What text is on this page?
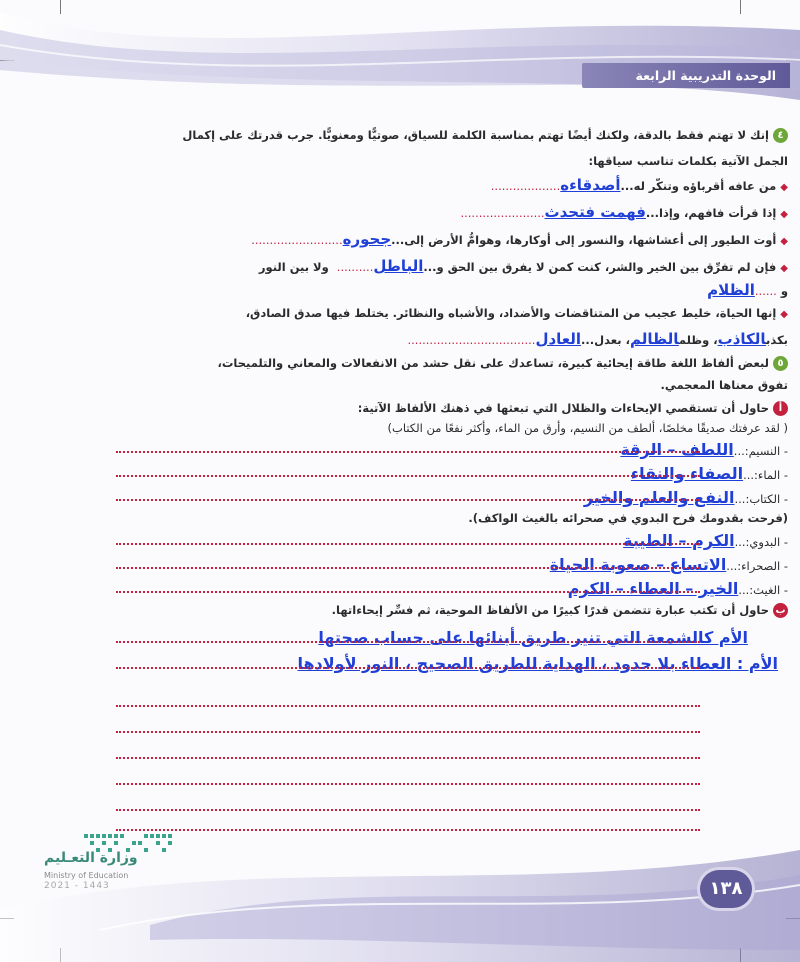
الوحدة التدريبية الرابعة
٤إنك لا تهتم فقط بالدقة، ولكنك أيضًا تهتم بمناسبة الكلمة للسياق، صوتيًّا ومعنويًّا. جرب قدرتك على إكمال
الجمل الآتية بكلمات تناسب سياقها:
◆من عافه أقرباؤه وتنكّر له...أصدقاءه...................
◆إذا قرأت فافهم، وإذا...فهمت فتحدث.......................
◆أوت الطيور إلى أعشاشها، والنسور إلى أوكارها، وهوامُّ الأرض إلى...جحوره.........................
◆فإن لم تفرِّق بين الخير والشر، كنت كمن لا يفرق بين الحق و...الباطل..........  ولا بين النور
و ......الظلام
◆إنها الحياة، خليط عجيب من المتناقضات والأضداد، والأشباه والنظائر. يختلط فيها صدق الصادق،
بكذبالكاذب، وظلمالظالم، بعدل...العادل...................................
٥لبعض ألفاظ اللغة طاقة إيحائية كبيرة، تساعدك على نقل حشد من الانفعالات والمعاني والتلميحات،
تفوق معناها المعجمي.
أحاول أن تستقصي الإيحاءات والظلال التي تبعثها في ذهنك الألفاظ الآتية:
( لقد عرفتك صديقًا مخلصًا، ألطف من النسيم، وأرق من الماء، وأكثر نفعًا من الكتاب)
- النسيم:...اللطف – الرقة
- الماء:...الصفاء والنقاء
- الكتاب:...النفع والعلم والخير
(فرحت بقدومك فرح البدوي في صحرائه بالغيث الواكف).
- البدوي:...الكرم – الطيبة
- الصحراء:...الاتساع – صعوبة الحياة
- الغيث:...الخير – العطاء – الكرم
بحاول أن تكتب عبارة تتضمن قدرًا كبيرًا من الألفاظ الموحية، ثم فسِّر إيحاءاتها.
الأم كالشمعة التي تنير طريق أبنائها على حساب صحتها
الأم : العطاء بلا حدود ، الهداية للطريق الصحيح ، النور لأولادها
وزارة التعـليم
Ministry of Education
2021 - 1443	١٣٨
